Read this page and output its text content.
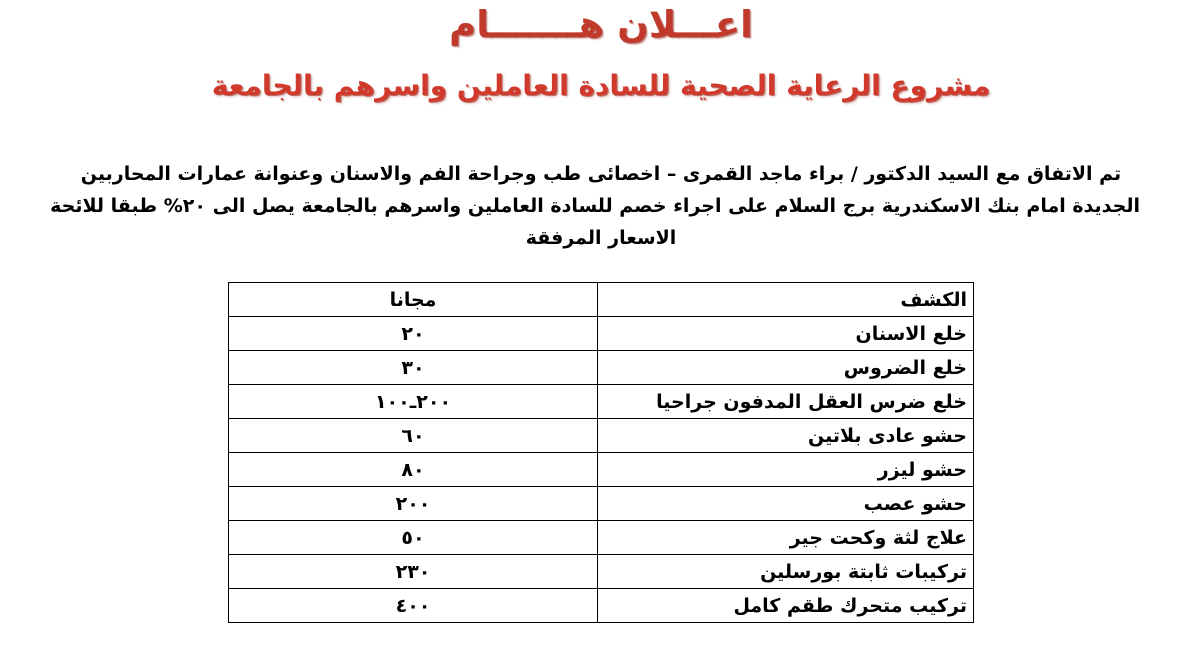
اعـــلان هـــــــام
مشروع الرعاية الصحية للسادة العاملين واسرهم بالجامعة
تم الاتفاق مع السيد الدكتور / براء ماجد القمرى – اخصائى طب وجراحة الفم والاسنان وعنوانة عمارات المحاربين
الجديدة امام بنك الاسكندرية برج السلام على اجراء خصم للسادة العاملين واسرهم بالجامعة يصل الى ٢٠% طبقا للائحة
الاسعار المرفقة
الكشف	مجانا
خلع الاسنان	٢٠
خلع الضروس	٣٠
خلع ضرس العقل المدفون جراحيا	٢٠٠ـ١٠٠
حشو عادى بلاتين	٦٠
حشو ليزر	٨٠
حشو عصب	٢٠٠
علاج لثة وكحت جير	٥٠
تركيبات ثابتة بورسلين	٢٣٠
تركيب متحرك طقم كامل	٤٠٠
